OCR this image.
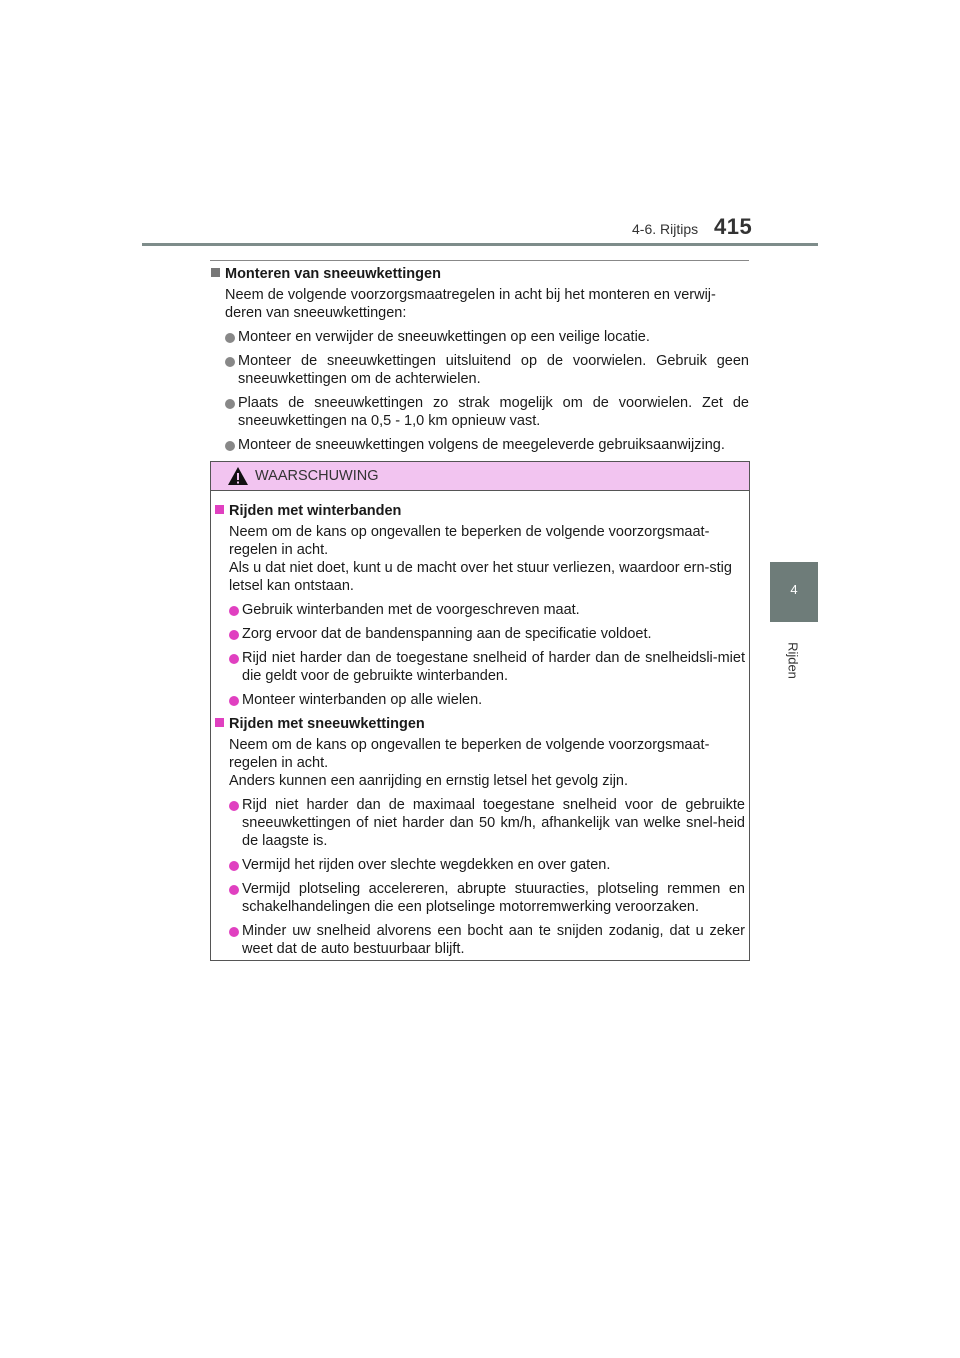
4-6. Rijtips 415
4
Rijden

Monteren van sneeuwkettingen

Neem de volgende voorzorgsmaatregelen in acht bij het monteren en verwij-deren van sneeuwkettingen:
Monteer en verwijder de sneeuwkettingen op een veilige locatie.
Monteer de sneeuwkettingen uitsluitend op de voorwielen. Gebruik geen sneeuwkettingen om de achterwielen.
Plaats de sneeuwkettingen zo strak mogelijk om de voorwielen. Zet de sneeuwkettingen na 0,5 - 1,0 km opnieuw vast.
Monteer de sneeuwkettingen volgens de meegeleverde gebruiksaanwijzing.
WAARSCHUWING

Rijden met winterbanden

Neem om de kans op ongevallen te beperken de volgende voorzorgsmaat-regelen in acht.
Als u dat niet doet, kunt u de macht over het stuur verliezen, waardoor ern-stig letsel kan ontstaan.
Gebruik winterbanden met de voorgeschreven maat.
Zorg ervoor dat de bandenspanning aan de specificatie voldoet.
Rijd niet harder dan de toegestane snelheid of harder dan de snelheidsli-miet die geldt voor de gebruikte winterbanden.
Monteer winterbanden op alle wielen.

Rijden met sneeuwkettingen

Neem om de kans op ongevallen te beperken de volgende voorzorgsmaat-regelen in acht.
Anders kunnen een aanrijding en ernstig letsel het gevolg zijn.
Rijd niet harder dan de maximaal toegestane snelheid voor de gebruikte sneeuwkettingen of niet harder dan 50 km/h, afhankelijk van welke snel-heid de laagste is.
Vermijd het rijden over slechte wegdekken en over gaten.
Vermijd plotseling accelereren, abrupte stuuracties, plotseling remmen en schakelhandelingen die een plotselinge motorremwerking veroorzaken.
Minder uw snelheid alvorens een bocht aan te snijden zodanig, dat u zeker weet dat de auto bestuurbaar blijft.
